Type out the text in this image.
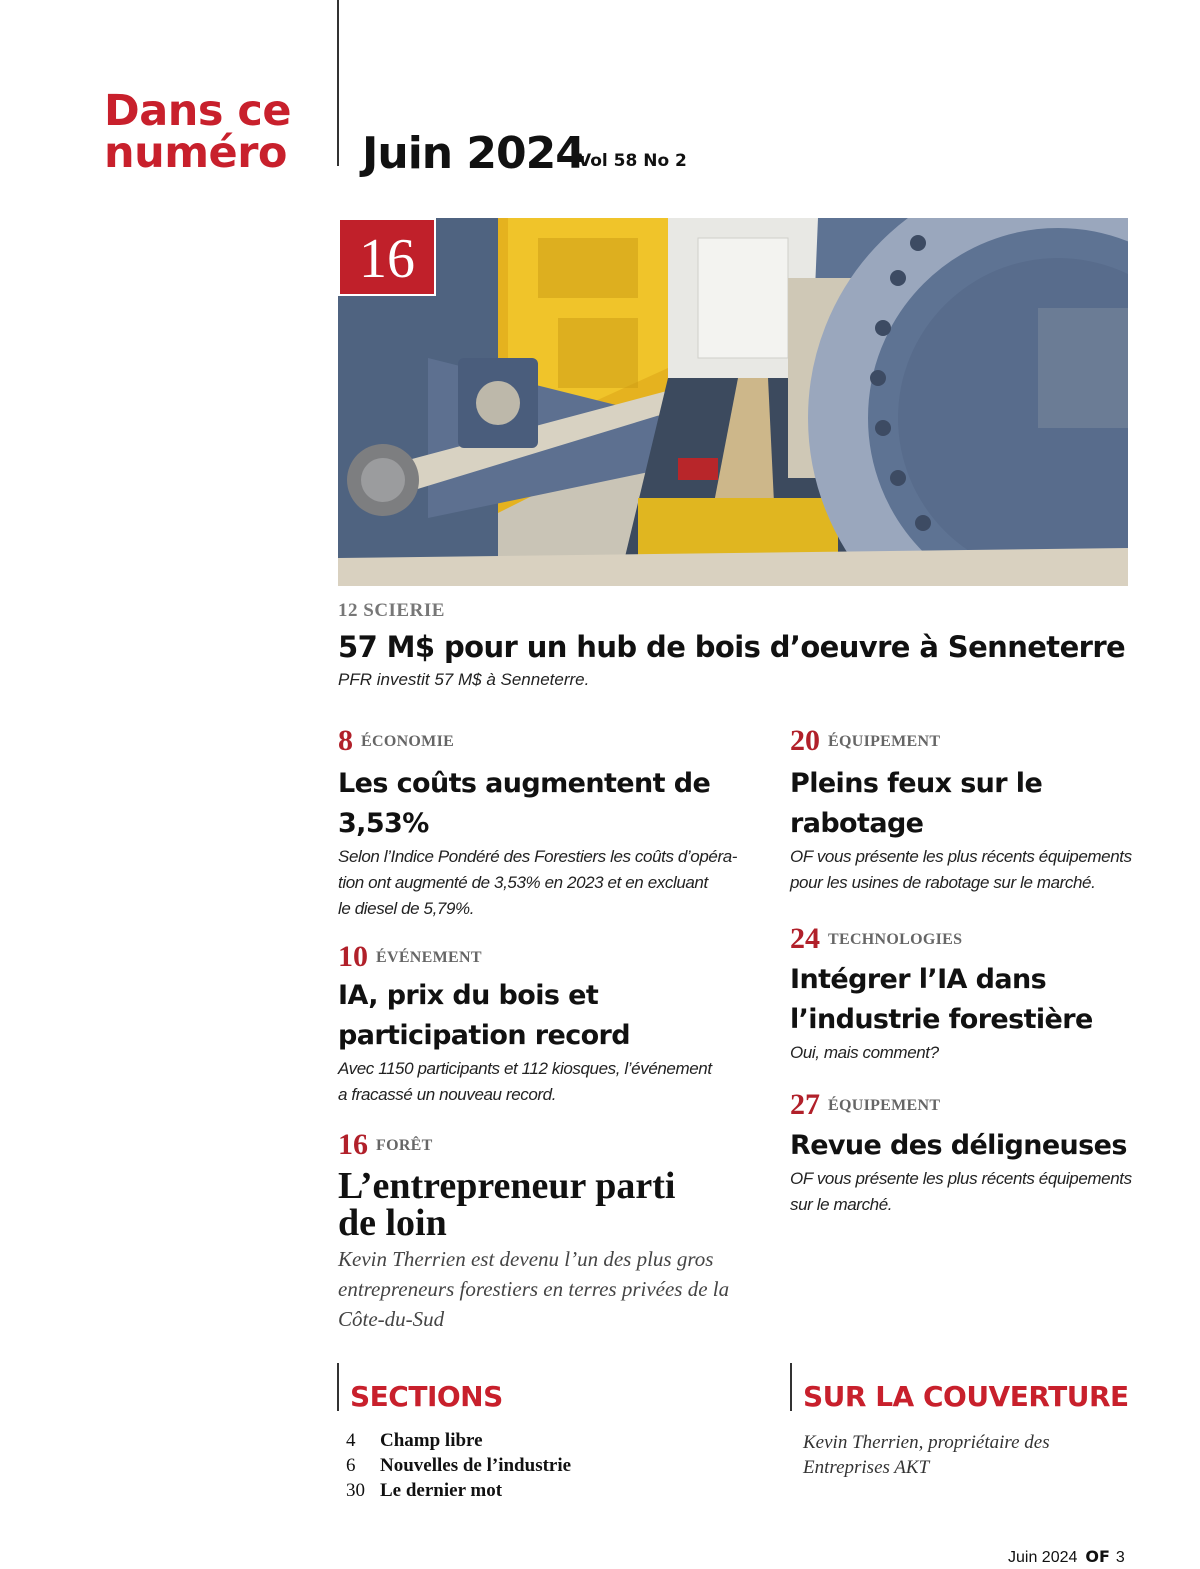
Dans ce
numéro Juin 2024
Vol 58 No 2
16
12 SCIERIE
57 M$ pour un hub de bois d’oeuvre à Senneterre
PFR investit 57 M$ à Senneterre.
8 ÉCONOMIE
Les coûts augmentent de 3,53%
Selon l’Indice Pondéré des Forestiers les coûts d’opéra-
tion ont augmenté de 3,53% en 2023 et en excluant
le diesel de 5,79%.
10 ÉVÉNEMENT
IA, prix du bois et
participation record
Avec 1150 participants et 112 kiosques, l’événement
a fracassé un nouveau record.
16 FORÊT
L’entrepreneur parti
de loin
Kevin Therrien est devenu l’un des plus gros
entrepreneurs forestiers en terres privées de la
Côte-du-Sud
20 ÉQUIPEMENT
Pleins feux sur le
rabotage
OF vous présente les plus récents équipements
pour les usines de rabotage sur le marché.
24 TECHNOLOGIES
Intégrer l’IA dans
l’industrie forestière
Oui, mais comment?
27 ÉQUIPEMENT
Revue des déligneuses
OF vous présente les plus récents équipements
sur le marché.
SECTIONS
4	Champ libre
6	Nouvelles de l’industrie
30 Le dernier mot
SUR LA COUVERTURE
Kevin Therrien, propriétaire des
Entreprises AKT
Juin 2024 OF 3
